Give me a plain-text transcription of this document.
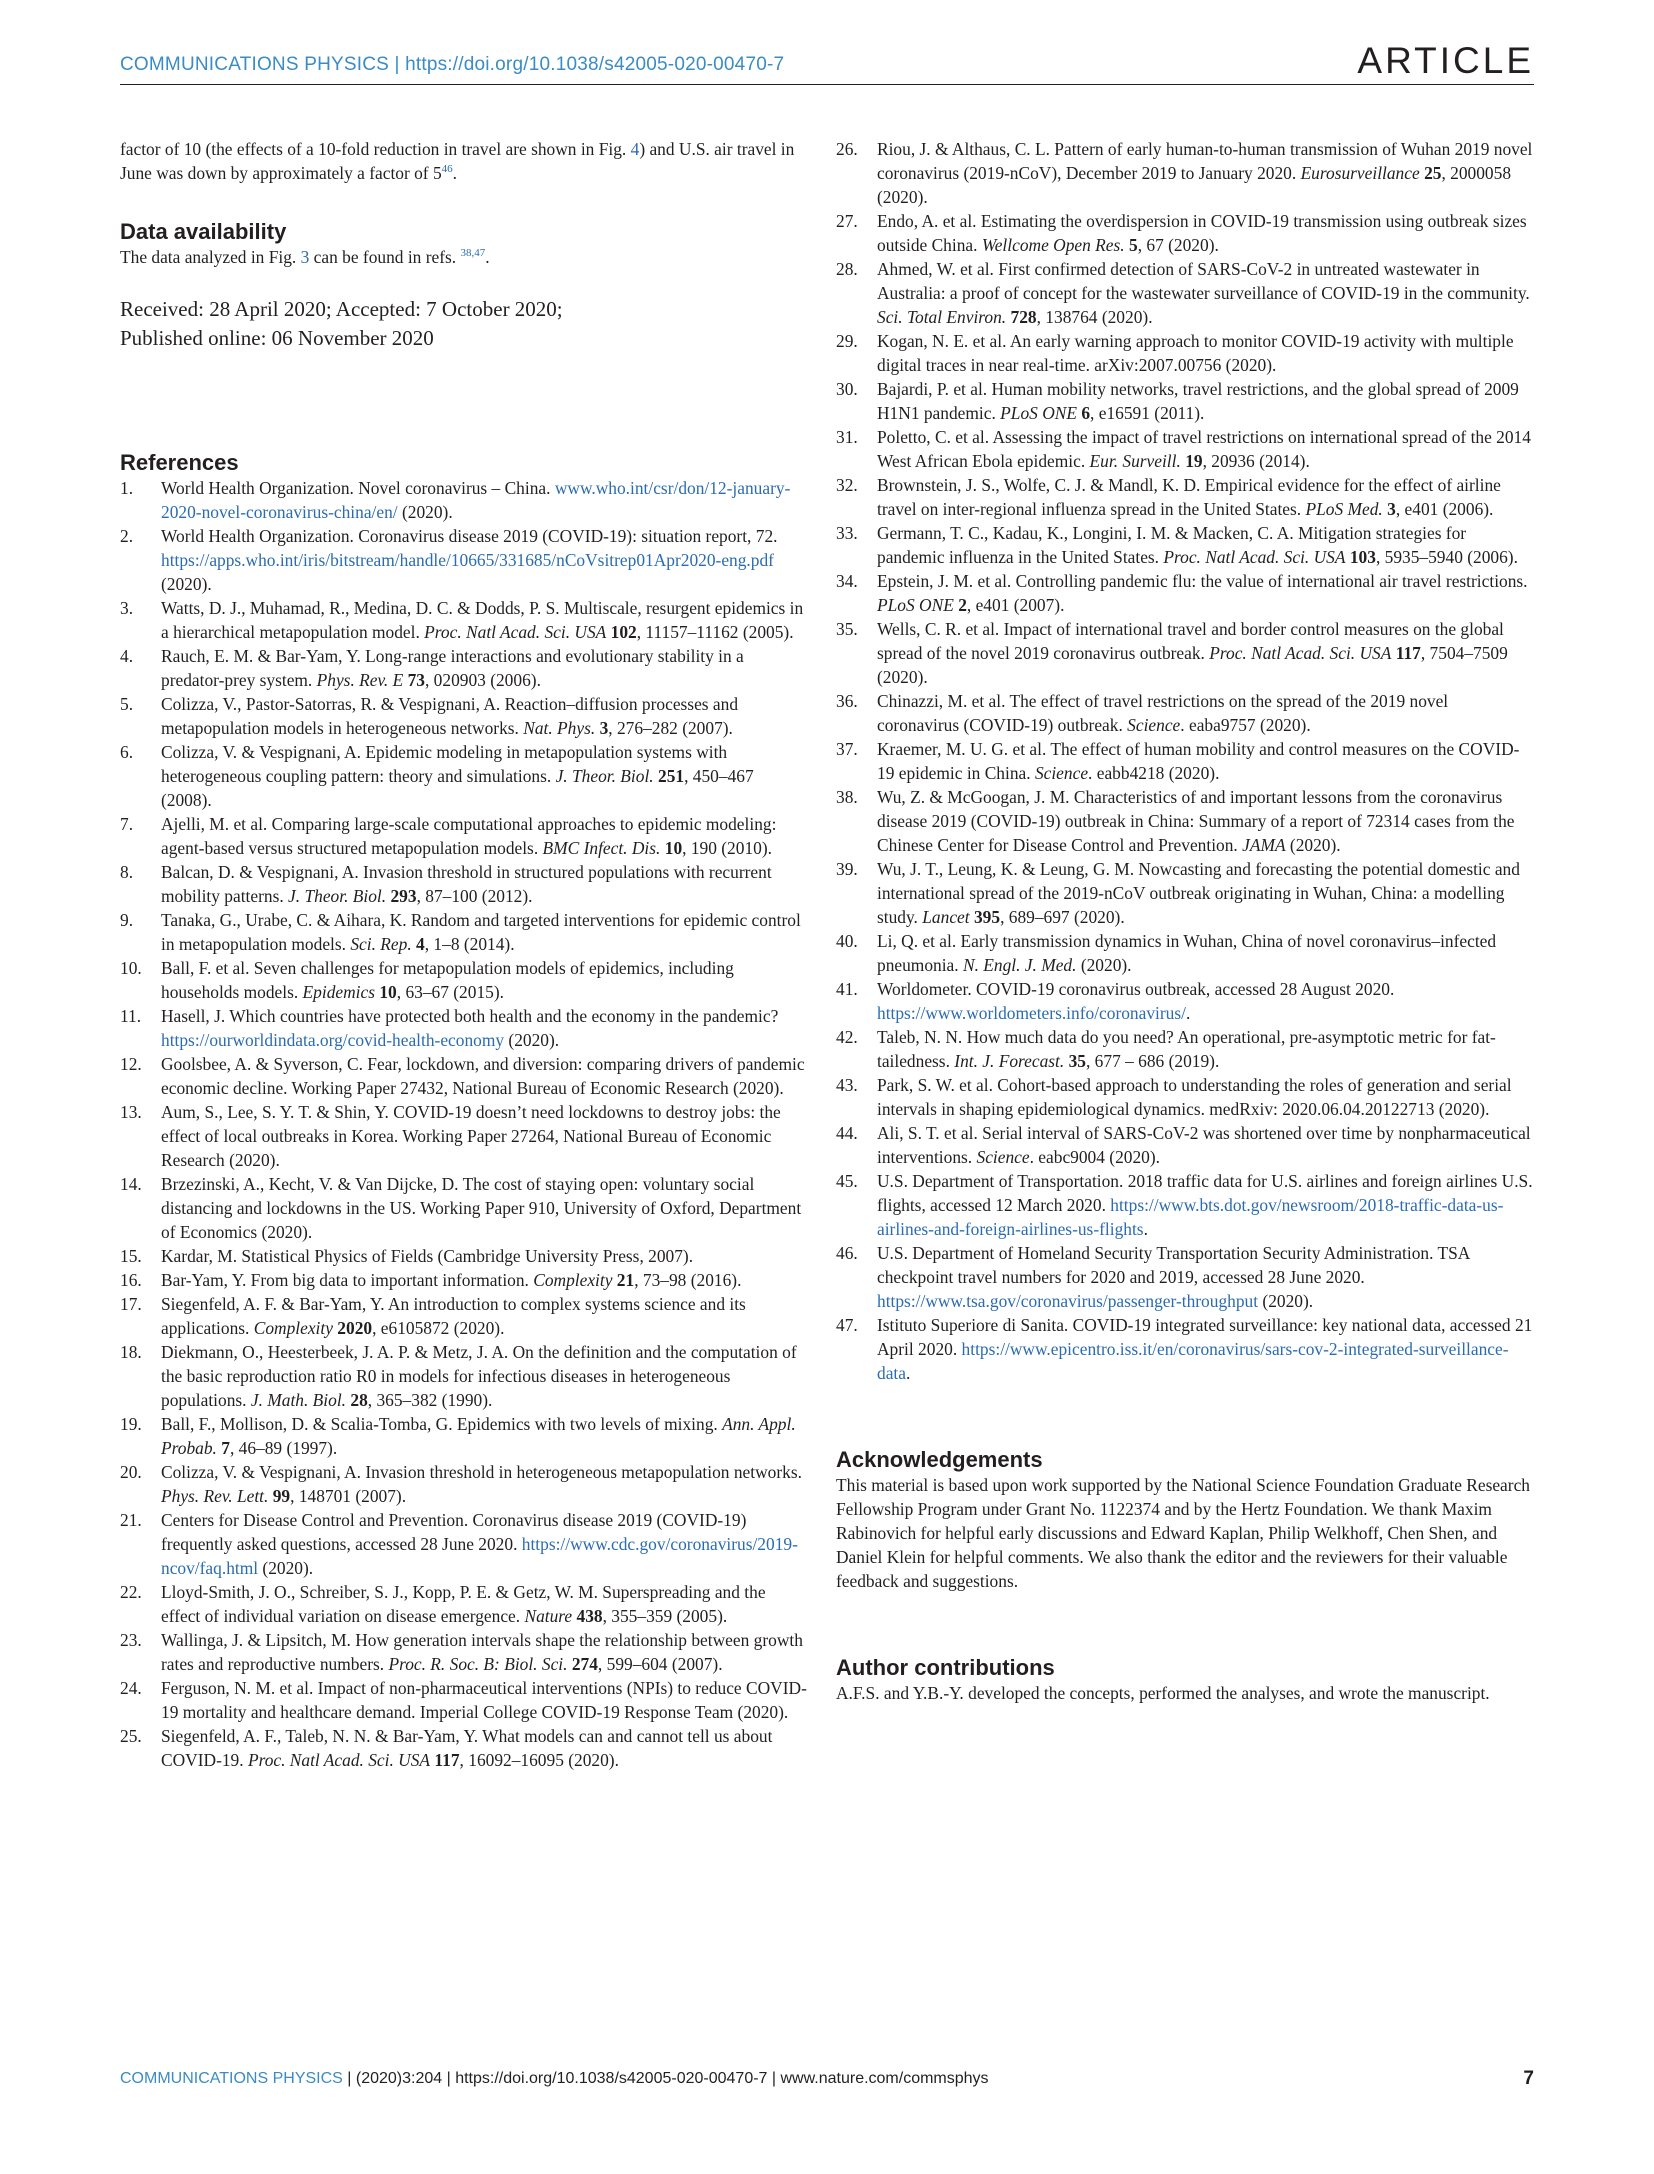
COMMUNICATIONS PHYSICS | https://doi.org/10.1038/s42005-020-00470-7	ARTICLE

factor of 10 (the effects of a 10-fold reduction in travel are shown in Fig. 4) and U.S. air travel in June was down by approximately a factor of $5^{46}$.

Data availability

The data analyzed in Fig. 3 can be found in refs. $^{38,47}$.

Received: 28 April 2020; Accepted: 7 October 2020;

Published online: 06 November 2020

References
1.	World Health Organization. Novel coronavirus – China. www.who.int/csr/don/12-january-2020-novel-coronavirus-china/en/ (2020).
2.	World Health Organization. Coronavirus disease 2019 (COVID-19): situation report, 72. https://apps.who.int/iris/bitstream/handle/10665/331685/nCoVsitrep01Apr2020-eng.pdf (2020).
3.	Watts, D. J., Muhamad, R., Medina, D. C. & Dodds, P. S. Multiscale, resurgent epidemics in a hierarchical metapopulation model. Proc. Natl Acad. Sci. USA 102, 11157–11162 (2005).
4.	Rauch, E. M. & Bar-Yam, Y. Long-range interactions and evolutionary stability in a predator-prey system. Phys. Rev. E 73, 020903 (2006).
5.	Colizza, V., Pastor-Satorras, R. & Vespignani, A. Reaction–diffusion processes and metapopulation models in heterogeneous networks. Nat. Phys. 3, 276–282 (2007).
6.	Colizza, V. & Vespignani, A. Epidemic modeling in metapopulation systems with heterogeneous coupling pattern: theory and simulations. J. Theor. Biol. 251, 450–467 (2008).
7.	Ajelli, M. et al. Comparing large-scale computational approaches to epidemic modeling: agent-based versus structured metapopulation models. BMC Infect. Dis. 10, 190 (2010).
8.	Balcan, D. & Vespignani, A. Invasion threshold in structured populations with recurrent mobility patterns. J. Theor. Biol. 293, 87–100 (2012).
9.	Tanaka, G., Urabe, C. & Aihara, K. Random and targeted interventions for epidemic control in metapopulation models. Sci. Rep. 4, 1–8 (2014).
10.	Ball, F. et al. Seven challenges for metapopulation models of epidemics, including households models. Epidemics 10, 63–67 (2015).
11.	Hasell, J. Which countries have protected both health and the economy in the pandemic? https://ourworldindata.org/covid-health-economy (2020).
12.	Goolsbee, A. & Syverson, C. Fear, lockdown, and diversion: comparing drivers of pandemic economic decline. Working Paper 27432, National Bureau of Economic Research (2020).
13.	Aum, S., Lee, S. Y. T. & Shin, Y. COVID-19 doesn’t need lockdowns to destroy jobs: the effect of local outbreaks in Korea. Working Paper 27264, National Bureau of Economic Research (2020).
14.	Brzezinski, A., Kecht, V. & Van Dijcke, D. The cost of staying open: voluntary social distancing and lockdowns in the US. Working Paper 910, University of Oxford, Department of Economics (2020).
15.	Kardar, M. Statistical Physics of Fields (Cambridge University Press, 2007).
16.	Bar-Yam, Y. From big data to important information. Complexity 21, 73–98 (2016).
17.	Siegenfeld, A. F. & Bar-Yam, Y. An introduction to complex systems science and its applications. Complexity 2020, e6105872 (2020).
18.	Diekmann, O., Heesterbeek, J. A. P. & Metz, J. A. On the definition and the computation of the basic reproduction ratio R0 in models for infectious diseases in heterogeneous populations. J. Math. Biol. 28, 365–382 (1990).
19.	Ball, F., Mollison, D. & Scalia-Tomba, G. Epidemics with two levels of mixing. Ann. Appl. Probab. 7, 46–89 (1997).
20.	Colizza, V. & Vespignani, A. Invasion threshold in heterogeneous metapopulation networks. Phys. Rev. Lett. 99, 148701 (2007).
21.	Centers for Disease Control and Prevention. Coronavirus disease 2019 (COVID-19) frequently asked questions, accessed 28 June 2020. https://www.cdc.gov/coronavirus/2019-ncov/faq.html (2020).
22.	Lloyd-Smith, J. O., Schreiber, S. J., Kopp, P. E. & Getz, W. M. Superspreading and the effect of individual variation on disease emergence. Nature 438, 355–359 (2005).
23.	Wallinga, J. & Lipsitch, M. How generation intervals shape the relationship between growth rates and reproductive numbers. Proc. R. Soc. B: Biol. Sci. 274, 599–604 (2007).
24.	Ferguson, N. M. et al. Impact of non-pharmaceutical interventions (NPIs) to reduce COVID-19 mortality and healthcare demand. Imperial College COVID-19 Response Team (2020).
25.	Siegenfeld, A. F., Taleb, N. N. & Bar-Yam, Y. What models can and cannot tell us about COVID-19. Proc. Natl Acad. Sci. USA 117, 16092–16095 (2020).
26.	Riou, J. & Althaus, C. L. Pattern of early human-to-human transmission of Wuhan 2019 novel coronavirus (2019-nCoV), December 2019 to January 2020. Eurosurveillance 25, 2000058 (2020).
27.	Endo, A. et al. Estimating the overdispersion in COVID-19 transmission using outbreak sizes outside China. Wellcome Open Res. 5, 67 (2020).
28.	Ahmed, W. et al. First confirmed detection of SARS-CoV-2 in untreated wastewater in Australia: a proof of concept for the wastewater surveillance of COVID-19 in the community. Sci. Total Environ. 728, 138764 (2020).
29.	Kogan, N. E. et al. An early warning approach to monitor COVID-19 activity with multiple digital traces in near real-time. arXiv:2007.00756 (2020).
30.	Bajardi, P. et al. Human mobility networks, travel restrictions, and the global spread of 2009 H1N1 pandemic. PLoS ONE 6, e16591 (2011).
31.	Poletto, C. et al. Assessing the impact of travel restrictions on international spread of the 2014 West African Ebola epidemic. Eur. Surveill. 19, 20936 (2014).
32.	Brownstein, J. S., Wolfe, C. J. & Mandl, K. D. Empirical evidence for the effect of airline travel on inter-regional influenza spread in the United States. PLoS Med. 3, e401 (2006).
33.	Germann, T. C., Kadau, K., Longini, I. M. & Macken, C. A. Mitigation strategies for pandemic influenza in the United States. Proc. Natl Acad. Sci. USA 103, 5935–5940 (2006).
34.	Epstein, J. M. et al. Controlling pandemic flu: the value of international air travel restrictions. PLoS ONE 2, e401 (2007).
35.	Wells, C. R. et al. Impact of international travel and border control measures on the global spread of the novel 2019 coronavirus outbreak. Proc. Natl Acad. Sci. USA 117, 7504–7509 (2020).
36.	Chinazzi, M. et al. The effect of travel restrictions on the spread of the 2019 novel coronavirus (COVID-19) outbreak. Science. eaba9757 (2020).
37.	Kraemer, M. U. G. et al. The effect of human mobility and control measures on the COVID-19 epidemic in China. Science. eabb4218 (2020).
38.	Wu, Z. & McGoogan, J. M. Characteristics of and important lessons from the coronavirus disease 2019 (COVID-19) outbreak in China: Summary of a report of 72314 cases from the Chinese Center for Disease Control and Prevention. JAMA (2020).
39.	Wu, J. T., Leung, K. & Leung, G. M. Nowcasting and forecasting the potential domestic and international spread of the 2019-nCoV outbreak originating in Wuhan, China: a modelling study. Lancet 395, 689–697 (2020).
40.	Li, Q. et al. Early transmission dynamics in Wuhan, China of novel coronavirus–infected pneumonia. N. Engl. J. Med. (2020).
41.	Worldometer. COVID-19 coronavirus outbreak, accessed 28 August 2020. https://www.worldometers.info/coronavirus/.
42.	Taleb, N. N. How much data do you need? An operational, pre-asymptotic metric for fat-tailedness. Int. J. Forecast. 35, 677 – 686 (2019).
43.	Park, S. W. et al. Cohort-based approach to understanding the roles of generation and serial intervals in shaping epidemiological dynamics. medRxiv: 2020.06.04.20122713 (2020).
44.	Ali, S. T. et al. Serial interval of SARS-CoV-2 was shortened over time by nonpharmaceutical interventions. Science. eabc9004 (2020).
45.	U.S. Department of Transportation. 2018 traffic data for U.S. airlines and foreign airlines U.S. flights, accessed 12 March 2020. https://www.bts.dot.gov/newsroom/2018-traffic-data-us-airlines-and-foreign-airlines-us-flights.
46.	U.S. Department of Homeland Security Transportation Security Administration. TSA checkpoint travel numbers for 2020 and 2019, accessed 28 June 2020. https://www.tsa.gov/coronavirus/passenger-throughput (2020).
47.	Istituto Superiore di Sanita. COVID-19 integrated surveillance: key national data, accessed 21 April 2020. https://www.epicentro.iss.it/en/coronavirus/sars-cov-2-integrated-surveillance-data.
Acknowledgements

This material is based upon work supported by the National Science Foundation Graduate Research Fellowship Program under Grant No. 1122374 and by the Hertz Foundation. We thank Maxim Rabinovich for helpful early discussions and Edward Kaplan, Philip Welkhoff, Chen Shen, and Daniel Klein for helpful comments. We also thank the editor and the reviewers for their valuable feedback and suggestions.

Author contributions

A.F.S. and Y.B.-Y. developed the concepts, performed the analyses, and wrote the manuscript.

COMMUNICATIONS PHYSICS | (2020)3:204 | https://doi.org/10.1038/s42005-020-00470-7 | www.nature.com/commsphys	7
